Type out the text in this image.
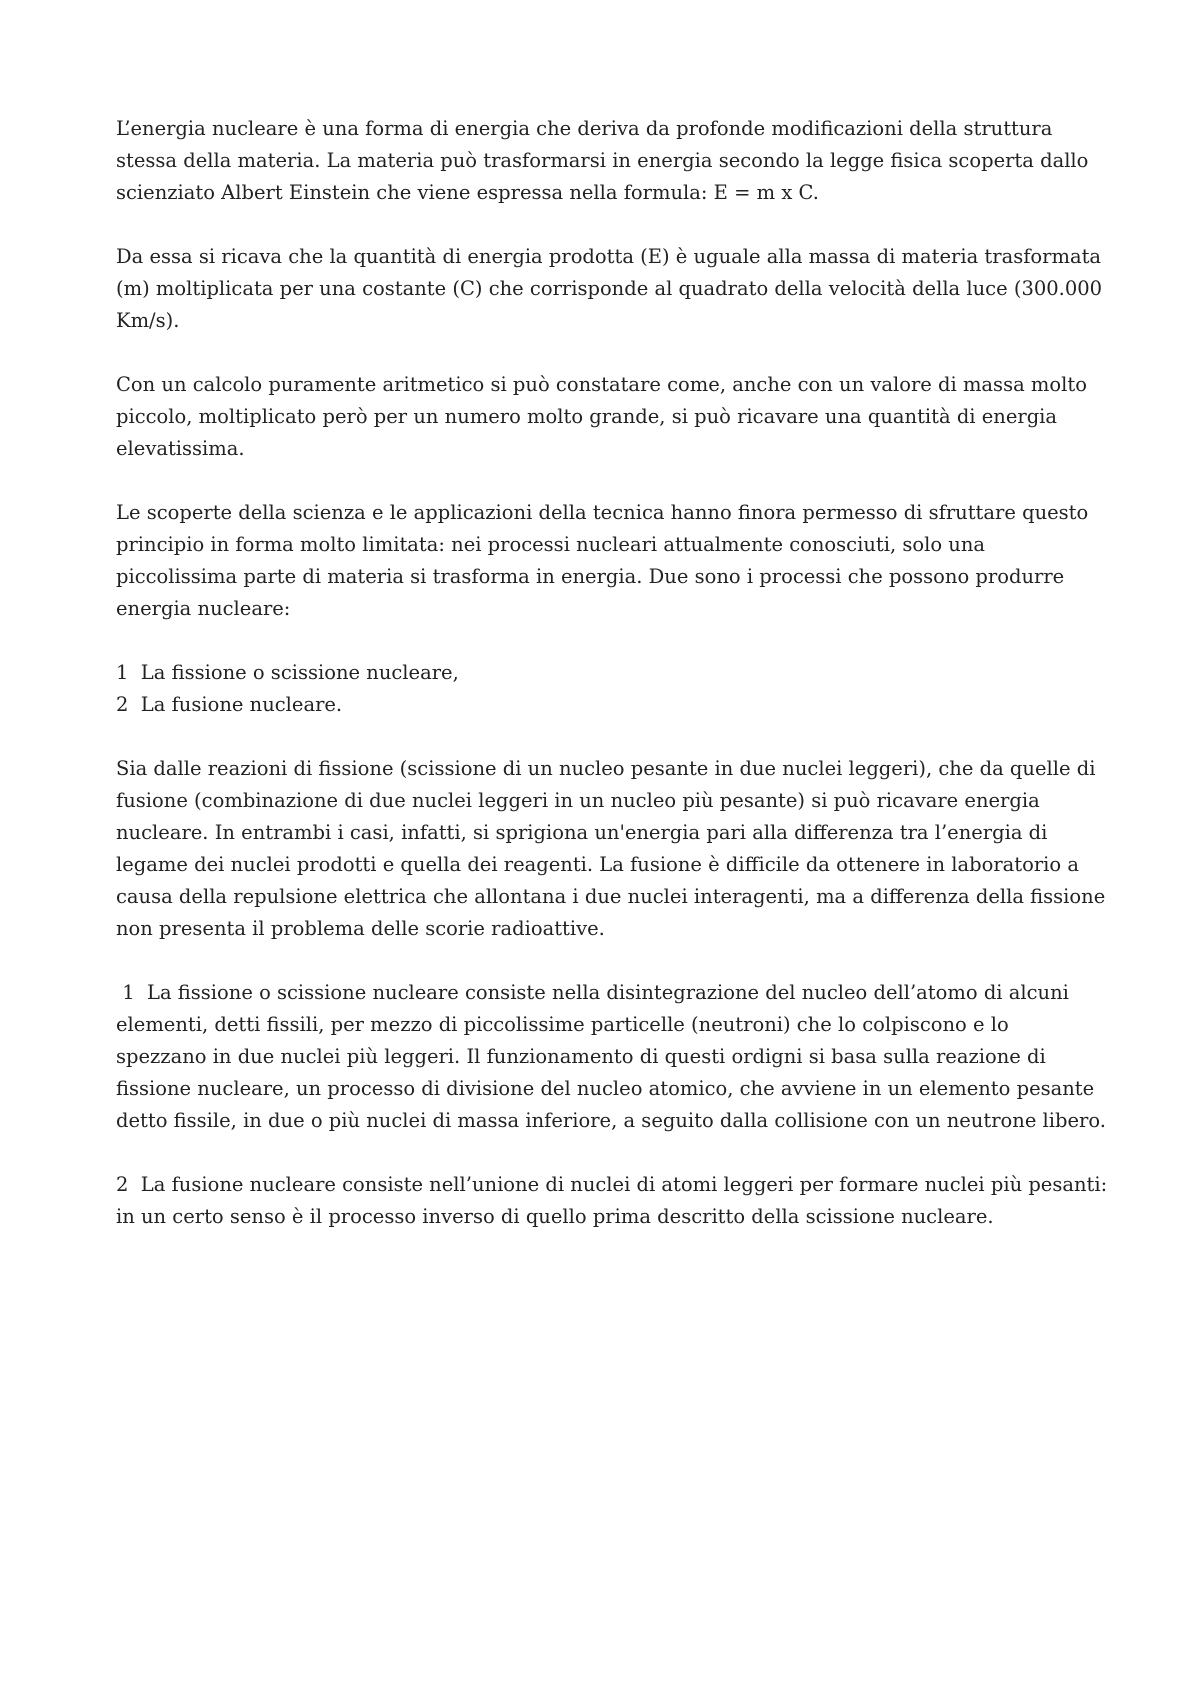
L’energia nucleare è una forma di energia che deriva da profonde modificazioni della struttura
stessa della materia. La materia può trasformarsi in energia secondo la legge fisica scoperta dallo
scienziato Albert Einstein che viene espressa nella formula: E = m x C.

Da essa si ricava che la quantità di energia prodotta (E) è uguale alla massa di materia trasformata
(m) moltiplicata per una costante (C) che corrisponde al quadrato della velocità della luce (300.000
Km/s).

Con un calcolo puramente aritmetico si può constatare come, anche con un valore di massa molto
piccolo, moltiplicato però per un numero molto grande, si può ricavare una quantità di energia
elevatissima.

Le scoperte della scienza e le applicazioni della tecnica hanno finora permesso di sfruttare questo
principio in forma molto limitata: nei processi nucleari attualmente conosciuti, solo una
piccolissima parte di materia si trasforma in energia. Due sono i processi che possono produrre
energia nucleare:

1  La fissione o scissione nucleare,
2  La fusione nucleare.

Sia dalle reazioni di fissione (scissione di un nucleo pesante in due nuclei leggeri), che da quelle di
fusione (combinazione di due nuclei leggeri in un nucleo più pesante) si può ricavare energia
nucleare. In entrambi i casi, infatti, si sprigiona un'energia pari alla differenza tra l’energia di
legame dei nuclei prodotti e quella dei reagenti. La fusione è difficile da ottenere in laboratorio a
causa della repulsione elettrica che allontana i due nuclei interagenti, ma a differenza della fissione
non presenta il problema delle scorie radioattive.

1  La fissione o scissione nucleare consiste nella disintegrazione del nucleo dell’atomo di alcuni
elementi, detti fissili, per mezzo di piccolissime particelle (neutroni) che lo colpiscono e lo
spezzano in due nuclei più leggeri. Il funzionamento di questi ordigni si basa sulla reazione di
fissione nucleare, un processo di divisione del nucleo atomico, che avviene in un elemento pesante
detto fissile, in due o più nuclei di massa inferiore, a seguito dalla collisione con un neutrone libero.

2  La fusione nucleare consiste nell’unione di nuclei di atomi leggeri per formare nuclei più pesanti:
in un certo senso è il processo inverso di quello prima descritto della scissione nucleare.
